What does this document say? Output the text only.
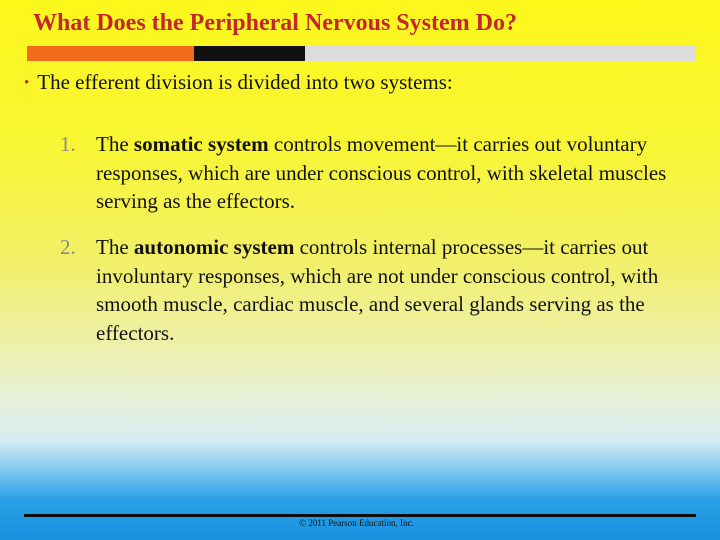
What Does the Peripheral Nervous System Do?
• The efferent division is divided into two systems:
1. The somatic system controls movement—it carries out voluntary responses, which are under conscious control, with skeletal muscles serving as the effectors.
2. The autonomic system controls internal processes—it carries out involuntary responses, which are not under conscious control, with smooth muscle, cardiac muscle, and several glands serving as the effectors.
© 2011 Pearson Education, Inc.
